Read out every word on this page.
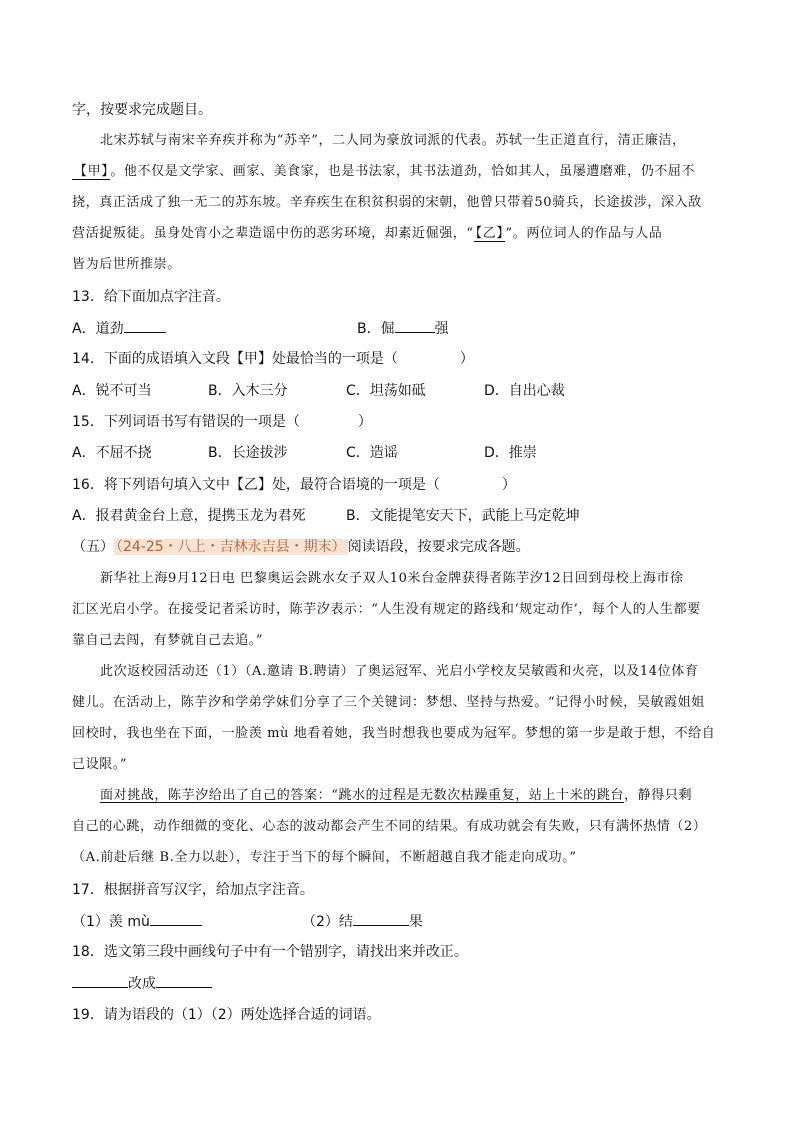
字，按要求完成题目。
北宋苏轼与南宋辛弃疾并称为“苏辛”，二人同为豪放词派的代表。苏轼一生正道直行，清正廉洁，
【甲】 。他不仅是文学家、画家、美食家，也是书法家，其书法道劲，恰如其人，虽屡遭磨难，仍不屈不
挠，真正活成了独一无二的苏东坡。辛弃疾生在积贫积弱的宋朝，他曾只带着50骑兵，长途拔涉，深入敌
营活捉叛徒。虽身处宵小之辈造谣中伤的恶劣环境，却素近倔强，“ 【乙】 ”。两位词人的作品与人品
皆为后世所推崇。
13．给下面加点字注音。
A．道劲	B．倔	强
14．下面的成语填入文段【甲】处最恰当的一项是（	）
A．锐不可当	B．入木三分	C．坦荡如砥	D．自出心裁
15．下列词语书写有错误的一项是（	）
A．不屈不挠	B．长途拔涉	C．造谣	D．推崇
16．将下列语句填入文中【乙】处，最符合语境的一项是（	）
A．报君黄金台上意，提携玉龙为君死	B．文能提笔安天下，武能上马定乾坤
（五） （24-25・八上・吉林永吉县・期末） 阅读语段，按要求完成各题。
新华社上海9月12日电 巴黎奥运会跳水女子双人10米台金牌获得者陈芋汐12日回到母校上海市徐
汇区光启小学。在接受记者采访时，陈芋汐表示：“人生没有规定的路线和‘规定动作’，每个人的人生都要
靠自己去闯，有梦就自己去追。”
此次返校园活动还（1）（A.邀请 B.聘请）了奥运冠军、光启小学校友吴敏霞和火亮，以及14位体育
健儿。在活动上，陈芋汐和学弟学妹们分享了三个关键词：梦想、坚持与热爱。“记得小时候，吴敏霞姐姐
回校时，我也坐在下面，一脸羡 mù 地看着她，我当时想我也要成为冠军。梦想的第一步是敢于想，不给自
己设限。”
面对挑战，陈芋汐给出了自己的答案：“跳水的过程是无数次枯躁重复，站上十米的跳台，静得只剩
自己的心跳，动作细微的变化、心态的波动都会产生不同的结果。有成功就会有失败，只有满怀热情（2）
（A.前赴后继 B.全力以赴），专注于当下的每个瞬间，不断超越自我才能走向成功。”
17．根据拼音写汉字，给加点字注音。
（1）羡 mù	（2）结	果
18．选文第三段中画线句子中有一个错别字，请找出来并改正。
改成
19．请为语段的（1）（2）两处选择合适的词语。
